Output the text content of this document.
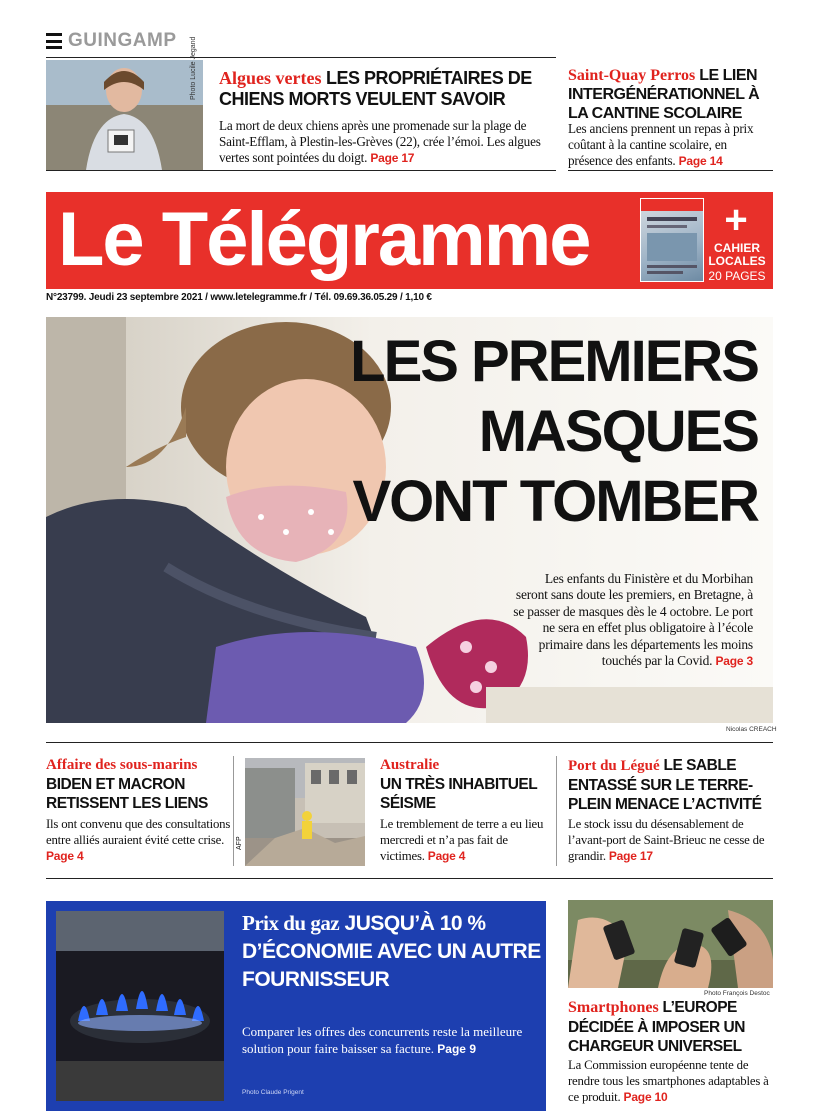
GUINGAMP Photo Lucile Jegand Algues vertes LES PROPRIÉTAIRES DE CHIENS MORTS VEULENT SAVOIR
La mort de deux chiens après une promenade sur la plage de Saint-Efflam, à Plestin-les-Grèves (22), crée l’émoi. Les algues vertes sont pointées du doigt. Page 17
Saint-Quay Perros LE LIEN INTERGÉNÉRATIONNEL À LA CANTINE SCOLAIRE
Les anciens prennent un repas à prix coûtant à la cantine scolaire, en présence des enfants. Page 14
Le Télégramme	+
CAHIER LOCALES
20 PAGES
N°23799. Jeudi 23 septembre 2021 / www.letelegramme.fr / Tél. 09.69.36.05.29 / 1,10 €
LES PREMIERS
MASQUES
VONT TOMBER
Les enfants du Finistère et du Morbihan seront sans doute les premiers, en Bretagne, à se passer de masques dès le 4 octobre. Le port ne sera en effet plus obligatoire à l’école primaire dans les départements les moins touchés par la Covid. Page 3
Nicolas CREACH
Affaire des sous-marins
BIDEN ET MACRON RETISSENT LES LIENS
Ils ont convenu que des consultations entre alliés auraient évité cette crise. Page 4
AFP
Australie
UN TRÈS INHABITUEL SÉISME
Le tremblement de terre a eu lieu mercredi et n’a pas fait de victimes. Page 4
Port du Légué LE SABLE ENTASSÉ SUR LE TERRE-PLEIN MENACE L’ACTIVITÉ
Le stock issu du désensablement de l’avant-port de Saint-Brieuc ne cesse de grandir. Page 17
Prix du gaz JUSQU’À 10 % D’ÉCONOMIE AVEC UN AUTRE FOURNISSEUR
Comparer les offres des concurrents reste la meilleure solution pour faire baisser sa facture. Page 9
Photo Claude Prigent
Photo François Destoc
Smartphones L’EUROPE DÉCIDÉE À IMPOSER UN CHARGEUR UNIVERSEL
La Commission européenne tente de rendre tous les smartphones adaptables à ce produit. Page 10
